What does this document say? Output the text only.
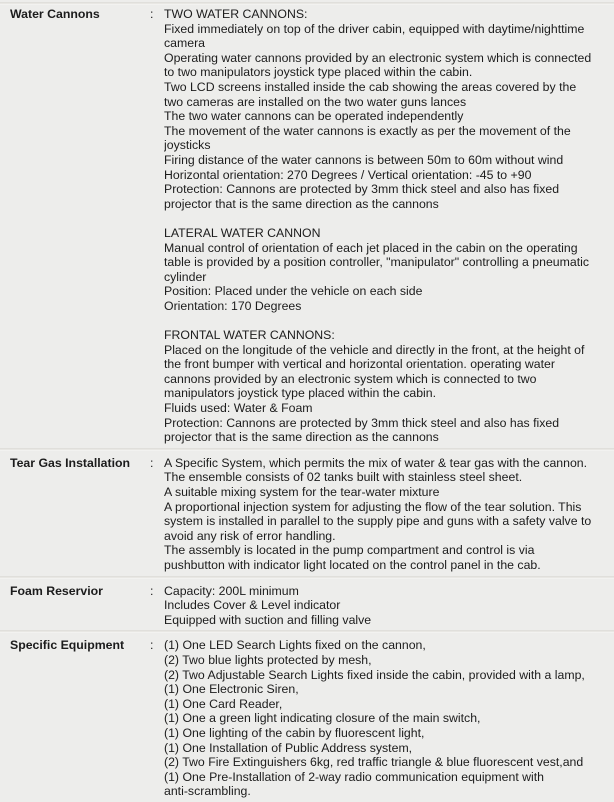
Water Cannons	: TWO WATER CANNONS:
Fixed immediately on top of the driver cabin, equipped with daytime/nighttime
camera
Operating water cannons provided by an electronic system which is connected
to two manipulators joystick type placed within the cabin.
Two LCD screens installed inside the cab showing the areas covered by the
two cameras are installed on the two water guns lances
The two water cannons can be operated independently
The movement of the water cannons is exactly as per the movement of the
joysticks
Firing distance of the water cannons is between 50m to 60m without wind
Horizontal orientation: 270 Degrees / Vertical orientation: -45 to +90
Protection: Cannons are protected by 3mm thick steel and also has fixed
projector that is the same direction as the cannons

LATERAL WATER CANNON
Manual control of orientation of each jet placed in the cabin on the operating
table is provided by a position controller, "manipulator" controlling a pneumatic
cylinder
Position: Placed under the vehicle on each side
Orientation: 170 Degrees

FRONTAL WATER CANNONS:
Placed on the longitude of the vehicle and directly in the front, at the height of
the front bumper with vertical and horizontal orientation. operating water
cannons provided by an electronic system which is connected to two
manipulators joystick type placed within the cabin.
Fluids used: Water & Foam
Protection: Cannons are protected by 3mm thick steel and also has fixed
projector that is the same direction as the cannons
Tear Gas Installation	: A Specific System, which permits the mix of water & tear gas with the cannon.
The ensemble consists of 02 tanks built with stainless steel sheet.
A suitable mixing system for the tear-water mixture
A proportional injection system for adjusting the flow of the tear solution. This
system is installed in parallel to the supply pipe and guns with a safety valve to
avoid any risk of error handling.
The assembly is located in the pump compartment and control is via
pushbutton with indicator light located on the control panel in the cab.
Foam Reservior	: Capacity: 200L minimum
Includes Cover & Level indicator
Equipped with suction and filling valve
Specific Equipment	: (1) One LED Search Lights fixed on the cannon,
(2) Two blue lights protected by mesh,
(2) Two Adjustable Search Lights fixed inside the cabin, provided with a lamp,
(1) One Electronic Siren,
(1) One Card Reader,
(1) One a green light indicating closure of the main switch,
(1) One lighting of the cabin by fluorescent light,
(1) One Installation of Public Address system,
(2) Two Fire Extinguishers 6kg, red traffic triangle & blue fluorescent vest,and
(1) One Pre-Installation of 2-way radio communication equipment with
anti-scrambling.
